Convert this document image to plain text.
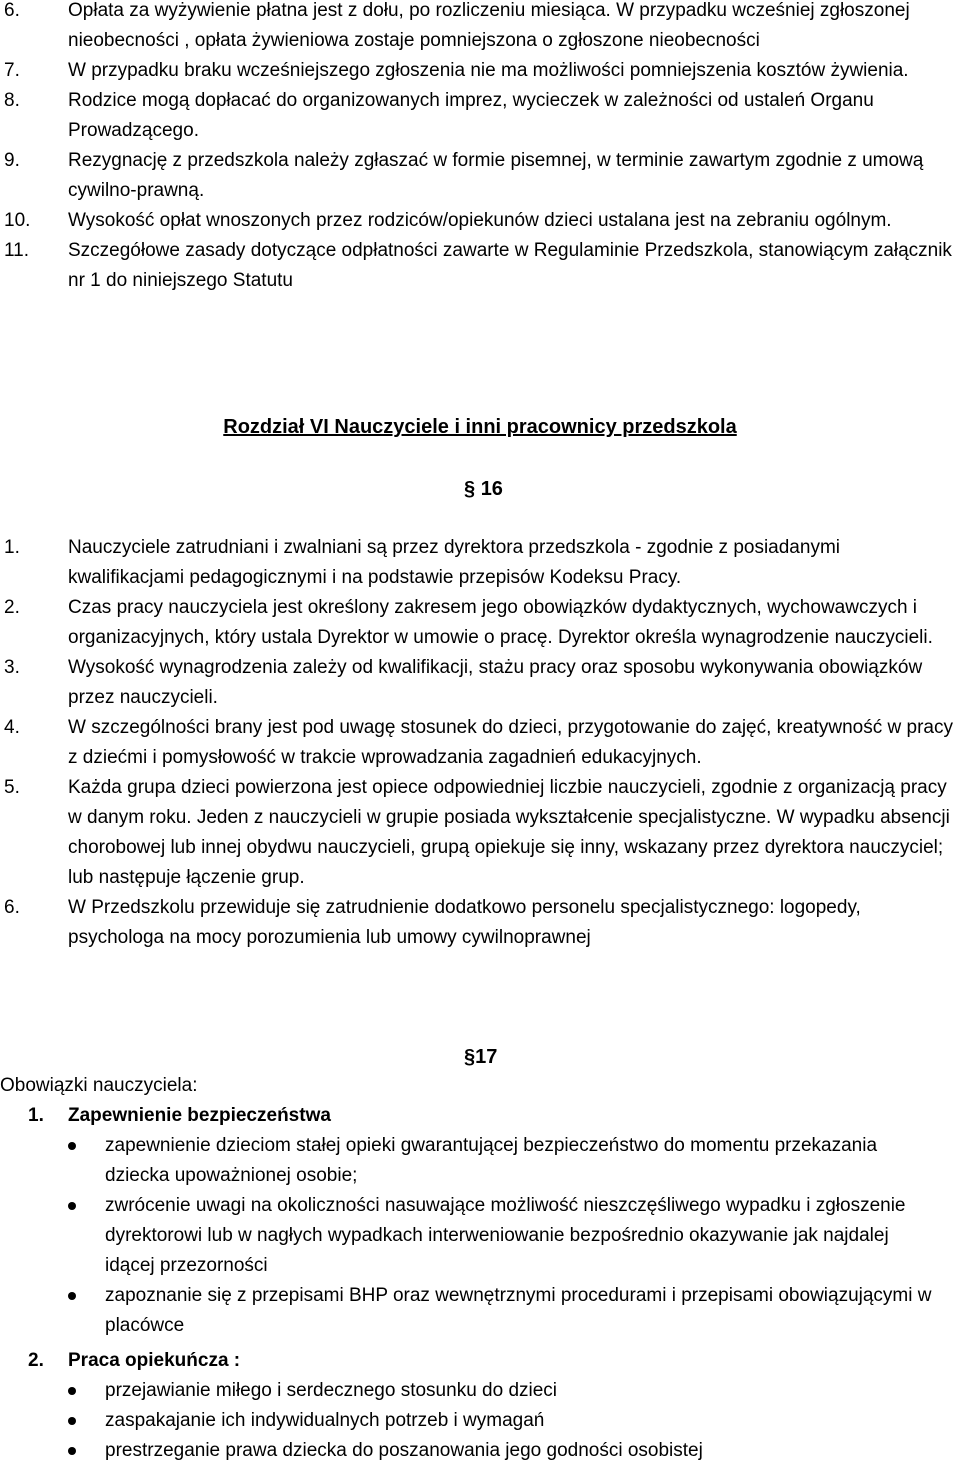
6.	Opłata za wyżywienie płatna jest z dołu, po rozliczeniu miesiąca. W przypadku wcześniej zgłoszonej nieobecności , opłata żywieniowa zostaje pomniejszona o zgłoszone nieobecności
7.	W przypadku braku wcześniejszego zgłoszenia nie ma możliwości pomniejszenia kosztów żywienia.
8.	Rodzice mogą dopłacać do organizowanych imprez, wycieczek w zależności od ustaleń Organu Prowadzącego.
9.	Rezygnację z przedszkola należy zgłaszać w formie pisemnej, w terminie zawartym zgodnie z umową cywilno-prawną.
10. Wysokość opłat wnoszonych przez rodziców/opiekunów dzieci ustalana jest na zebraniu ogólnym.
11. Szczegółowe zasady dotyczące odpłatności zawarte w Regulaminie Przedszkola, stanowiącym załącznik nr 1 do niniejszego Statutu
Rozdział VI Nauczyciele i inni pracownicy przedszkola
§ 16
1.	Nauczyciele zatrudniani i zwalniani są przez dyrektora przedszkola - zgodnie z posiadanymi kwalifikacjami pedagogicznymi i na podstawie przepisów Kodeksu Pracy.
2.	Czas pracy nauczyciela jest określony zakresem jego obowiązków dydaktycznych, wychowawczych i organizacyjnych, który ustala Dyrektor w umowie o pracę. Dyrektor określa wynagrodzenie nauczycieli.
3.	Wysokość wynagrodzenia zależy od kwalifikacji, stażu pracy oraz sposobu wykonywania obowiązków przez nauczycieli.
4.	W szczególności brany jest pod uwagę stosunek do dzieci, przygotowanie do zajęć, kreatywność w pracy z dziećmi i pomysłowość w trakcie wprowadzania zagadnień edukacyjnych.
5.	Każda grupa dzieci powierzona jest opiece odpowiedniej liczbie nauczycieli, zgodnie z organizacją pracy w danym roku. Jeden z nauczycieli w grupie posiada wykształcenie specjalistyczne. W wypadku absencji chorobowej lub innej obydwu nauczycieli, grupą opiekuje się inny, wskazany przez dyrektora nauczyciel; lub następuje łączenie grup.
6.	W Przedszkolu przewiduje się zatrudnienie dodatkowo personelu specjalistycznego: logopedy, psychologa na mocy porozumienia lub umowy cywilnoprawnej
§17
Obowiązki nauczyciela:
1. Zapewnienie bezpieczeństwa
zapewnienie dzieciom stałej opieki gwarantującej bezpieczeństwo do momentu przekazania dziecka upoważnionej osobie;
zwrócenie uwagi na okoliczności nasuwające możliwość nieszczęśliwego wypadku i zgłoszenie dyrektorowi lub w nagłych wypadkach interweniowanie bezpośrednio okazywanie jak najdalej idącej przezorności
zapoznanie się z przepisami BHP oraz wewnętrznymi procedurami i przepisami obowiązującymi w placówce
2. Praca opiekuńcza :
przejawianie miłego i serdecznego stosunku do dzieci
zaspakajanie ich indywidualnych potrzeb i wymagań
prestrzeganie prawa dziecka do poszanowania jego godności osobistej
